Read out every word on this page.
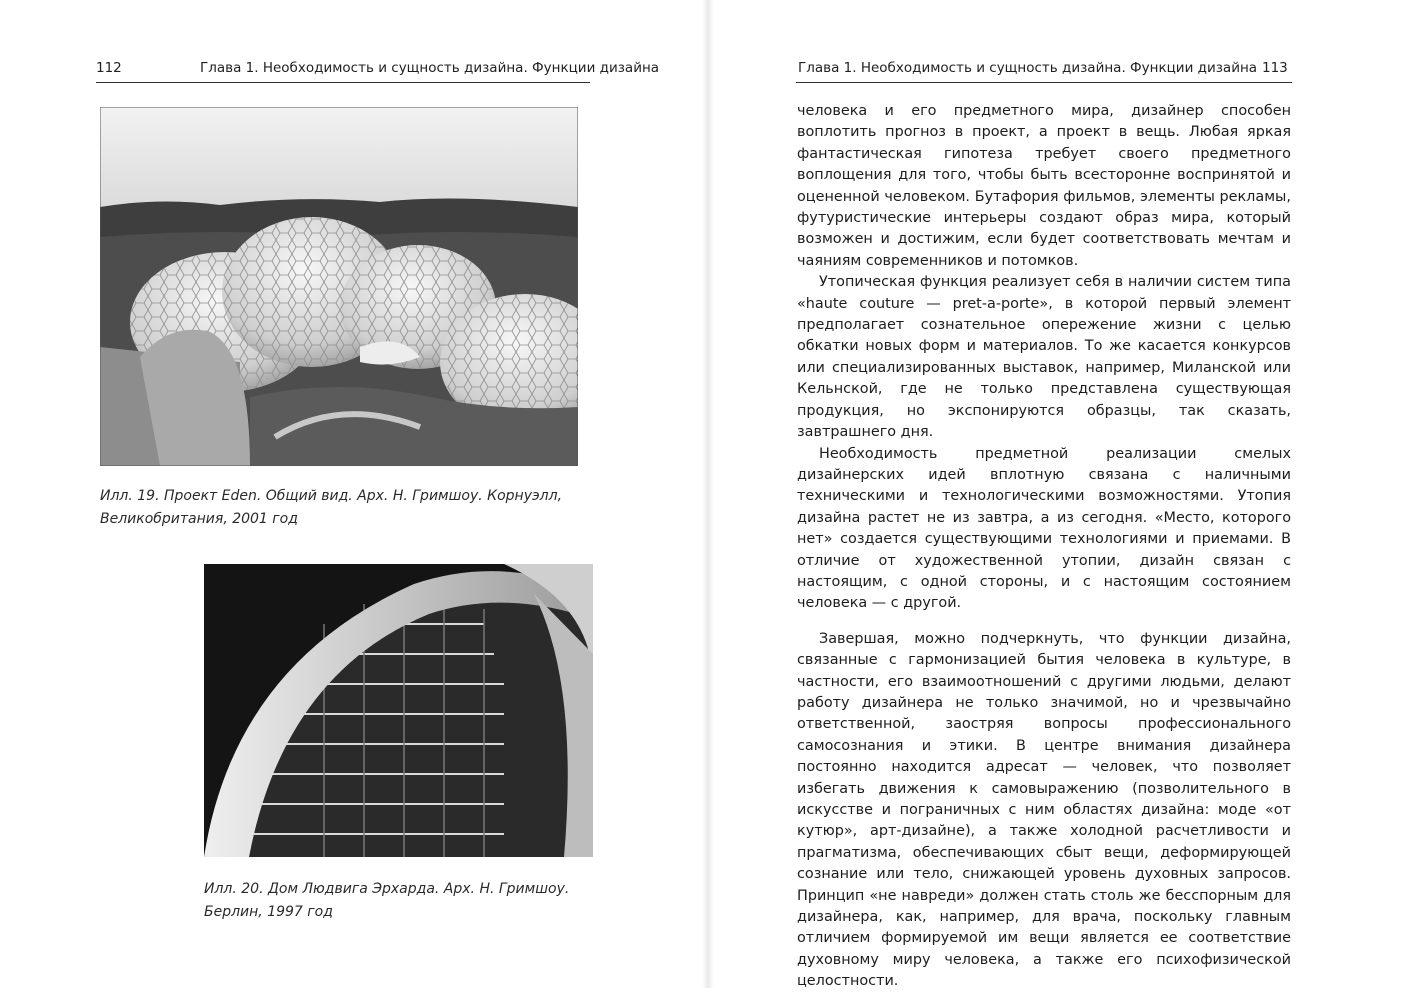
112	Глава 1. Необходимость и сущность дизайна. Функции дизайна
Илл. 19. Проект Eden. Общий вид. Арх. Н. Гримшоу. Корнуэлл,
Великобритания, 2001 год
Илл. 20. Дом Людвига Эрхарда. Арх. Н. Гримшоу.
Берлин, 1997 год
Глава 1. Необходимость и сущность дизайна. Функции дизайна 113

человека и его предметного мира, дизайнер способен воплотить прогноз в проект, а проект в вещь. Любая яркая фантастическая гипотеза требует своего предметного воплощения для того, чтобы быть всесторонне воспринятой и оцененной человеком. Бутафория фильмов, элементы рекламы, футуристические интерьеры создают образ мира, который возможен и достижим, если будет соответствовать мечтам и чаяниям современников и потомков.

Утопическая функция реализует себя в наличии систем типа «haute couture — pret-a-porte», в которой первый элемент предполагает сознательное опережение жизни с целью обкатки новых форм и материалов. То же касается конкурсов или специализированных выставок, например, Миланской или Кельнской, где не только представлена существующая продукция, но экспонируются образцы, так сказать, завтрашнего дня.

Необходимость предметной реализации смелых дизайнерских идей вплотную связана с наличными техническими и технологическими возможностями. Утопия дизайна растет не из завтра, а из сегодня. «Место, которого нет» создается существующими технологиями и приемами. В отличие от художественной утопии, дизайн связан с настоящим, с одной стороны, и с настоящим состоянием человека — с другой.

Завершая, можно подчеркнуть, что функции дизайна, связанные с гармонизацией бытия человека в культуре, в частности, его взаимоотношений с другими людьми, делают работу дизайнера не только значимой, но и чрезвычайно ответственной, заостряя вопросы профессионального самосознания и этики. В центре внимания дизайнера постоянно находится адресат — человек, что позволяет избегать движения к самовыражению (позволительного в искусстве и пограничных с ним областях дизайна: моде «от кутюр», арт-дизайне), а также холодной расчетливости и прагматизма, обеспечивающих сбыт вещи, деформирующей сознание или тело, снижающей уровень духовных запросов. Принцип «не навреди» должен стать столь же бесспорным для дизайнера, как, например, для врача, поскольку главным отличием формируемой им вещи является ее соответствие духовному миру человека, а также его психофизической целостности.
